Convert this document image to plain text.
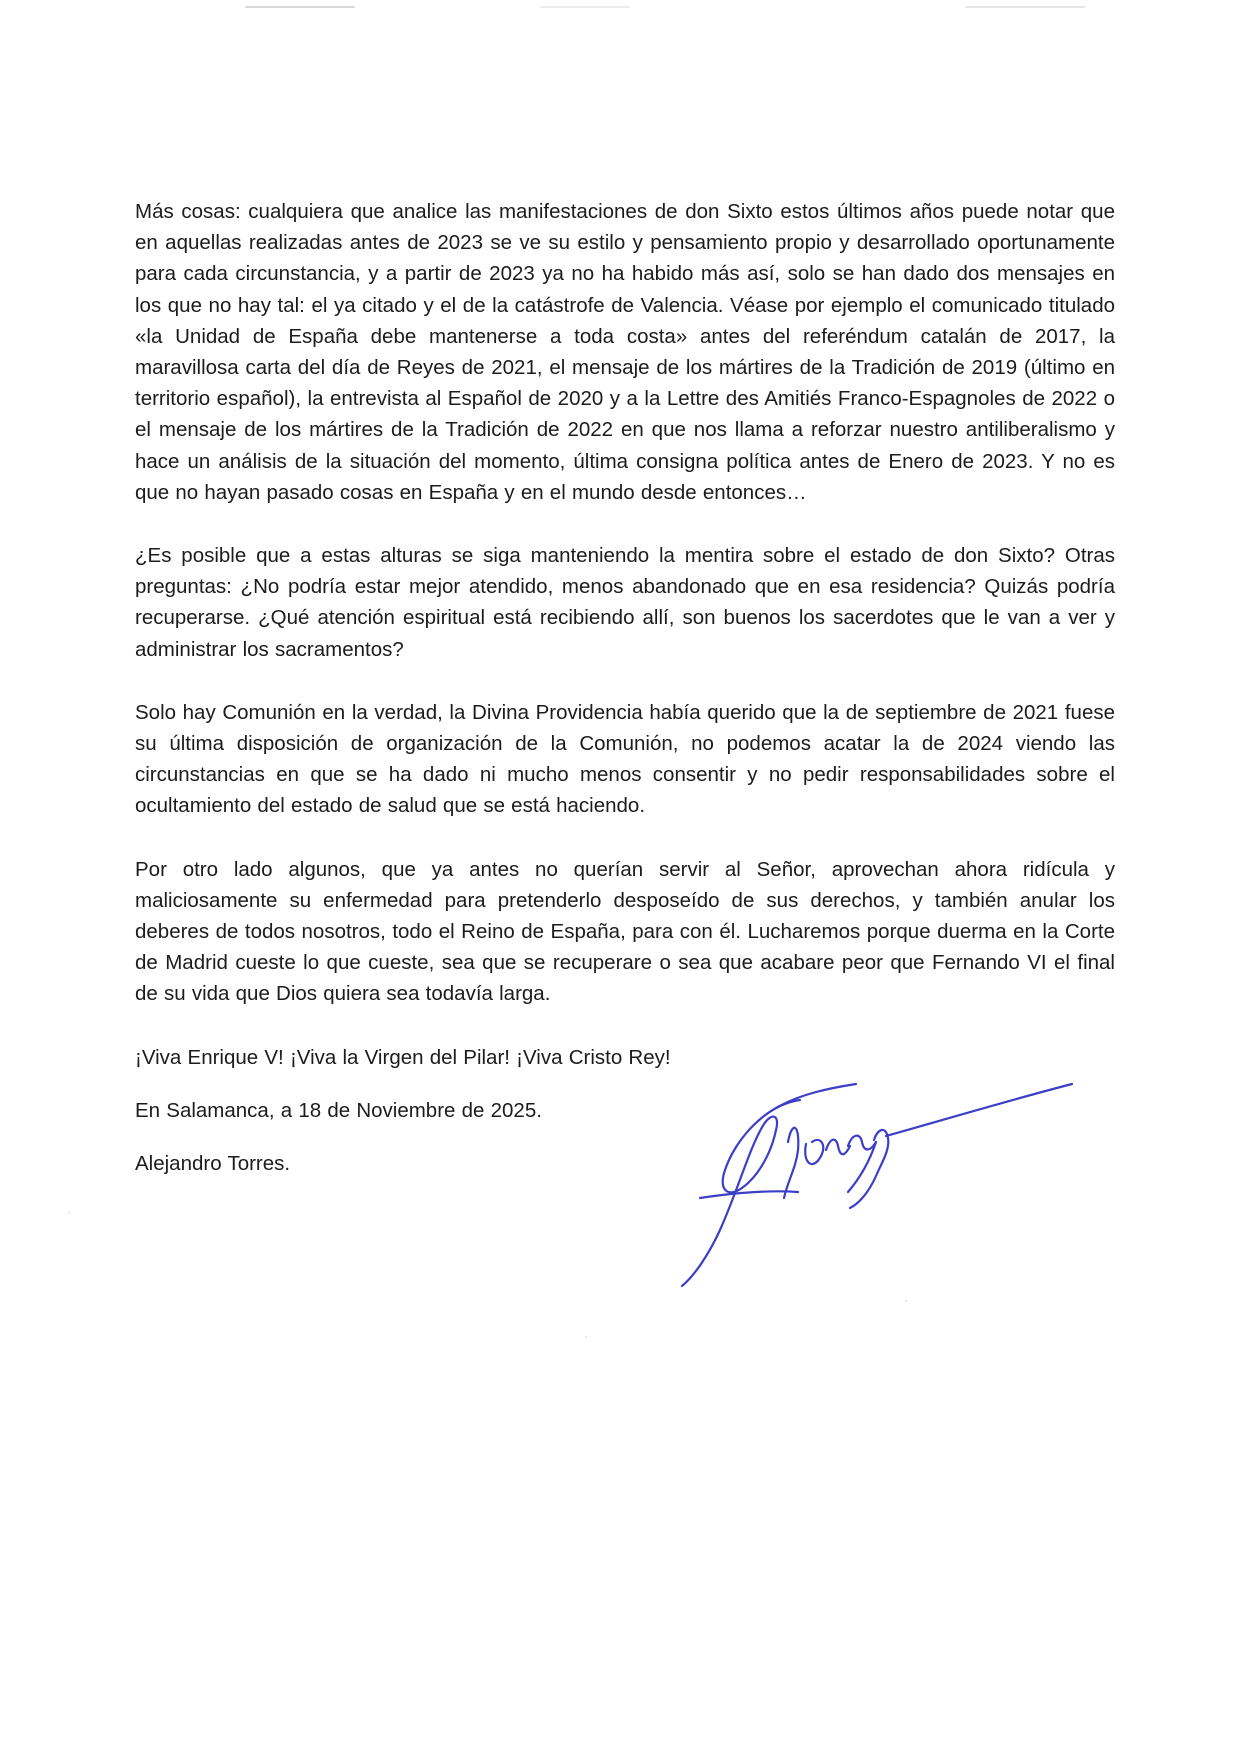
Más cosas: cualquiera que analice las manifestaciones de don Sixto estos últimos años puede notar que en aquellas realizadas antes de 2023 se ve su estilo y pensamiento propio y desarrollado oportunamente para cada circunstancia, y a partir de 2023 ya no ha habido más así, solo se han dado dos mensajes en los que no hay tal: el ya citado y el de la catástrofe de Valencia. Véase por ejemplo el comunicado titulado «la Unidad de España debe mantenerse a toda costa» antes del referéndum catalán de 2017, la maravillosa carta del día de Reyes de 2021, el mensaje de los mártires de la Tradición de 2019 (último en territorio español), la entrevista al Español de 2020 y a la Lettre des Amitiés Franco-Espagnoles de 2022 o el mensaje de los mártires de la Tradición de 2022 en que nos llama a reforzar nuestro antiliberalismo y hace un análisis de la situación del momento, última consigna política antes de Enero de 2023. Y no es que no hayan pasado cosas en España y en el mundo desde entonces…

¿Es posible que a estas alturas se siga manteniendo la mentira sobre el estado de don Sixto? Otras preguntas: ¿No podría estar mejor atendido, menos abandonado que en esa residencia? Quizás podría recuperarse. ¿Qué atención espiritual está recibiendo allí, son buenos los sacerdotes que le van a ver y administrar los sacramentos?

Solo hay Comunión en la verdad, la Divina Providencia había querido que la de septiembre de 2021 fuese su última disposición de organización de la Comunión, no podemos acatar la de 2024 viendo las circunstancias en que se ha dado ni mucho menos consentir y no pedir responsabilidades sobre el ocultamiento del estado de salud que se está haciendo.

Por otro lado algunos, que ya antes no querían servir al Señor, aprovechan ahora ridícula y maliciosamente su enfermedad para pretenderlo desposeído de sus derechos, y también anular los deberes de todos nosotros, todo el Reino de España, para con él. Lucharemos porque duerma en la Corte de Madrid cueste lo que cueste, sea que se recuperare o sea que acabare peor que Fernando VI el final de su vida que Dios quiera sea todavía larga.

¡Viva Enrique V! ¡Viva la Virgen del Pilar! ¡Viva Cristo Rey!

En Salamanca, a 18 de Noviembre de 2025.

Alejandro Torres.
